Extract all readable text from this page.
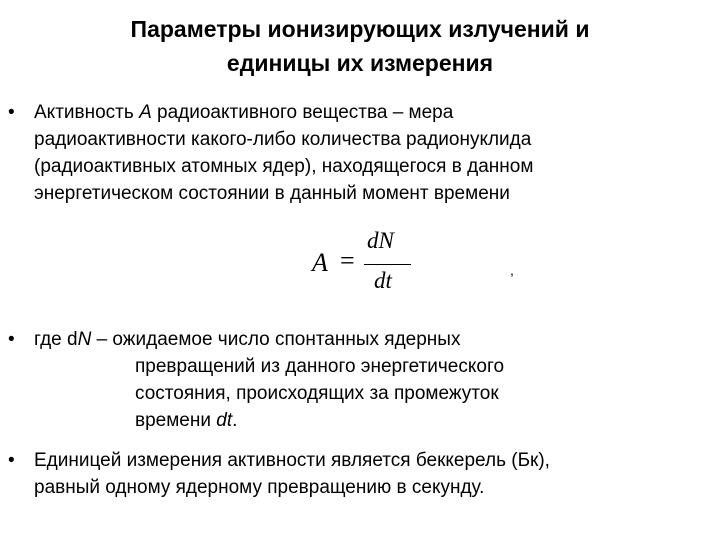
Параметры ионизирующих излучений и
единицы их измерения
• Активность А радиоактивного вещества – мера
радиоактивности какого-либо количества радионуклида
(радиоактивных атомных ядер), находящегося в данном
энергетическом состоянии в данный момент времени
A =
dN
dt	,
• где dN – ожидаемое число спонтанных ядерных
превращений из данного энергетического
состояния, происходящих за промежуток
времени dt.
• Единицей измерения активности является беккерель (Бк),
равный одному ядерному превращению в секунду.
